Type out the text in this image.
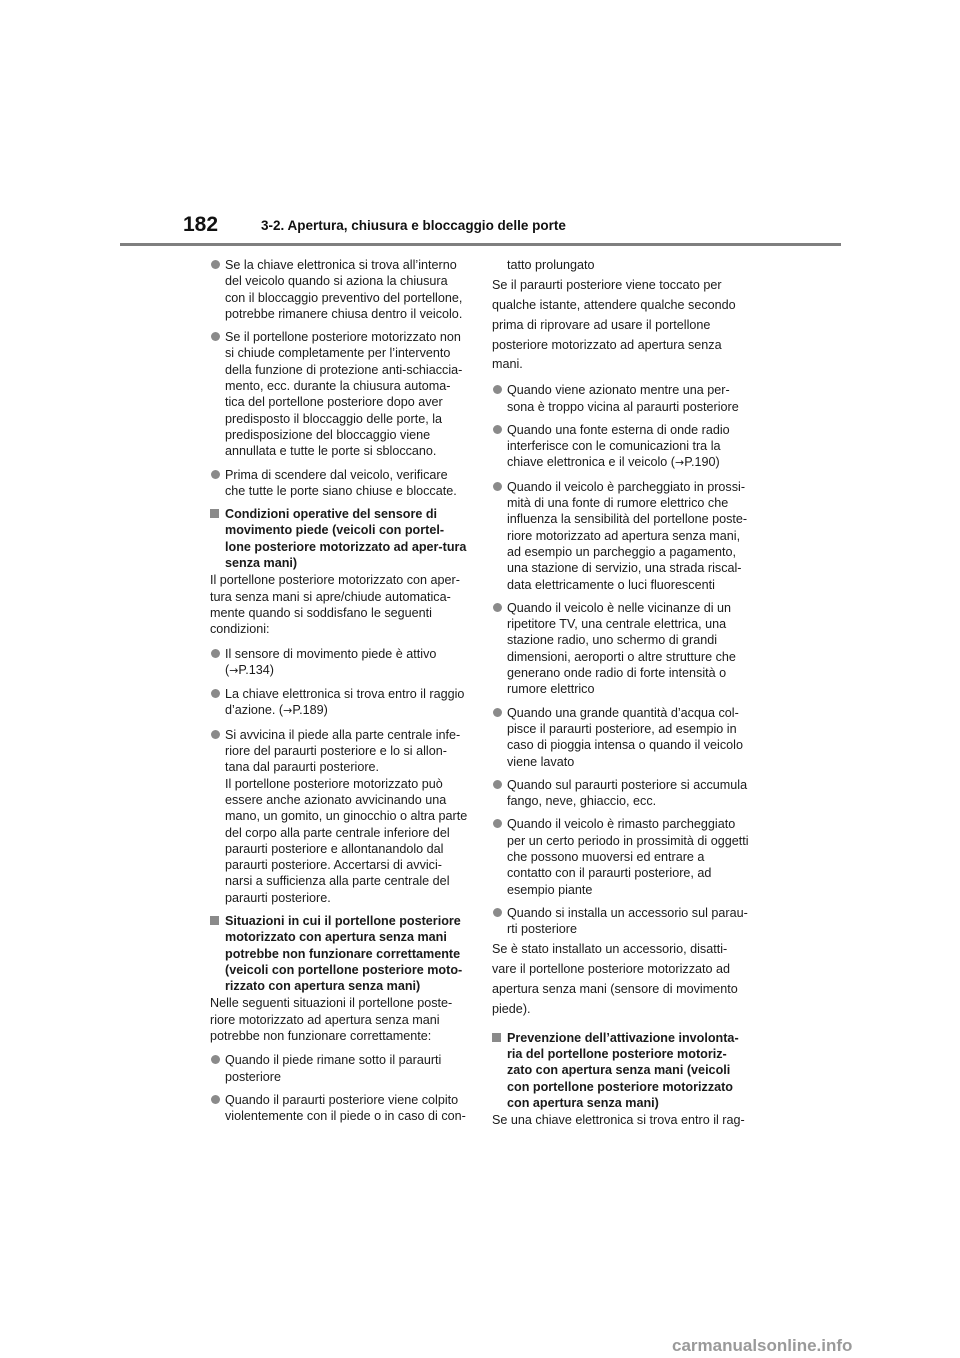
182	3-2. Apertura, chiusura e bloccaggio delle porte
Se la chiave elettronica si trova all’interno del veicolo quando si aziona la chiusura con il bloccaggio preventivo del portellone, potrebbe rimanere chiusa dentro il veicolo.
Se il portellone posteriore motorizzato non si chiude completamente per l’intervento della funzione di protezione anti-schiaccia-mento, ecc. durante la chiusura automa-tica del portellone posteriore dopo aver predisposto il bloccaggio delle porte, la predisposizione del bloccaggio viene annullata e tutte le porte si sbloccano.
Prima di scendere dal veicolo, verificare che tutte le porte siano chiuse e bloccate.
Condizioni operative del sensore di movimento piede (veicoli con portel-lone posteriore motorizzato ad aper-tura senza mani)
Il portellone posteriore motorizzato con aper-tura senza mani si apre/chiude automatica-mente quando si soddisfano le seguenti condizioni:
Il sensore di movimento piede è attivo (→P.134)
La chiave elettronica si trova entro il raggio d’azione. (→P.189)
Si avvicina il piede alla parte centrale infe-riore del paraurti posteriore e lo si allon-tana dal paraurti posteriore.
Il portellone posteriore motorizzato può essere anche azionato avvicinando una mano, un gomito, un ginocchio o altra parte del corpo alla parte centrale inferiore del paraurti posteriore e allontanandolo dal paraurti posteriore. Accertarsi di avvici-narsi a sufficienza alla parte centrale del paraurti posteriore.
Situazioni in cui il portellone posteriore motorizzato con apertura senza mani potrebbe non funzionare correttamente (veicoli con portellone posteriore moto-rizzato con apertura senza mani)
Nelle seguenti situazioni il portellone poste-riore motorizzato ad apertura senza mani potrebbe non funzionare correttamente:
Quando il piede rimane sotto il paraurti posteriore
Quando il paraurti posteriore viene colpito violentemente con il piede o in caso di con-
tatto prolungato
Se il paraurti posteriore viene toccato per qualche istante, attendere qualche secondo prima di riprovare ad usare il portellone posteriore motorizzato ad apertura senza mani.
Quando viene azionato mentre una per-sona è troppo vicina al paraurti posteriore
Quando una fonte esterna di onde radio interferisce con le comunicazioni tra la chiave elettronica e il veicolo (→P.190)
Quando il veicolo è parcheggiato in prossi-mità di una fonte di rumore elettrico che influenza la sensibilità del portellone poste-riore motorizzato ad apertura senza mani, ad esempio un parcheggio a pagamento, una stazione di servizio, una strada riscal-data elettricamente o luci fluorescenti
Quando il veicolo è nelle vicinanze di un ripetitore TV, una centrale elettrica, una stazione radio, uno schermo di grandi dimensioni, aeroporti o altre strutture che generano onde radio di forte intensità o rumore elettrico
Quando una grande quantità d’acqua col-pisce il paraurti posteriore, ad esempio in caso di pioggia intensa o quando il veicolo viene lavato
Quando sul paraurti posteriore si accumula fango, neve, ghiaccio, ecc.
Quando il veicolo è rimasto parcheggiato per un certo periodo in prossimità di oggetti che possono muoversi ed entrare a contatto con il paraurti posteriore, ad esempio piante
Quando si installa un accessorio sul parau-rti posteriore
Se è stato installato un accessorio, disatti-vare il portellone posteriore motorizzato ad apertura senza mani (sensore di movimento piede).
Prevenzione dell’attivazione involonta-ria del portellone posteriore motoriz-zato con apertura senza mani (veicoli con portellone posteriore motorizzato con apertura senza mani)
Se una chiave elettronica si trova entro il rag-
carmanualsonline.info
